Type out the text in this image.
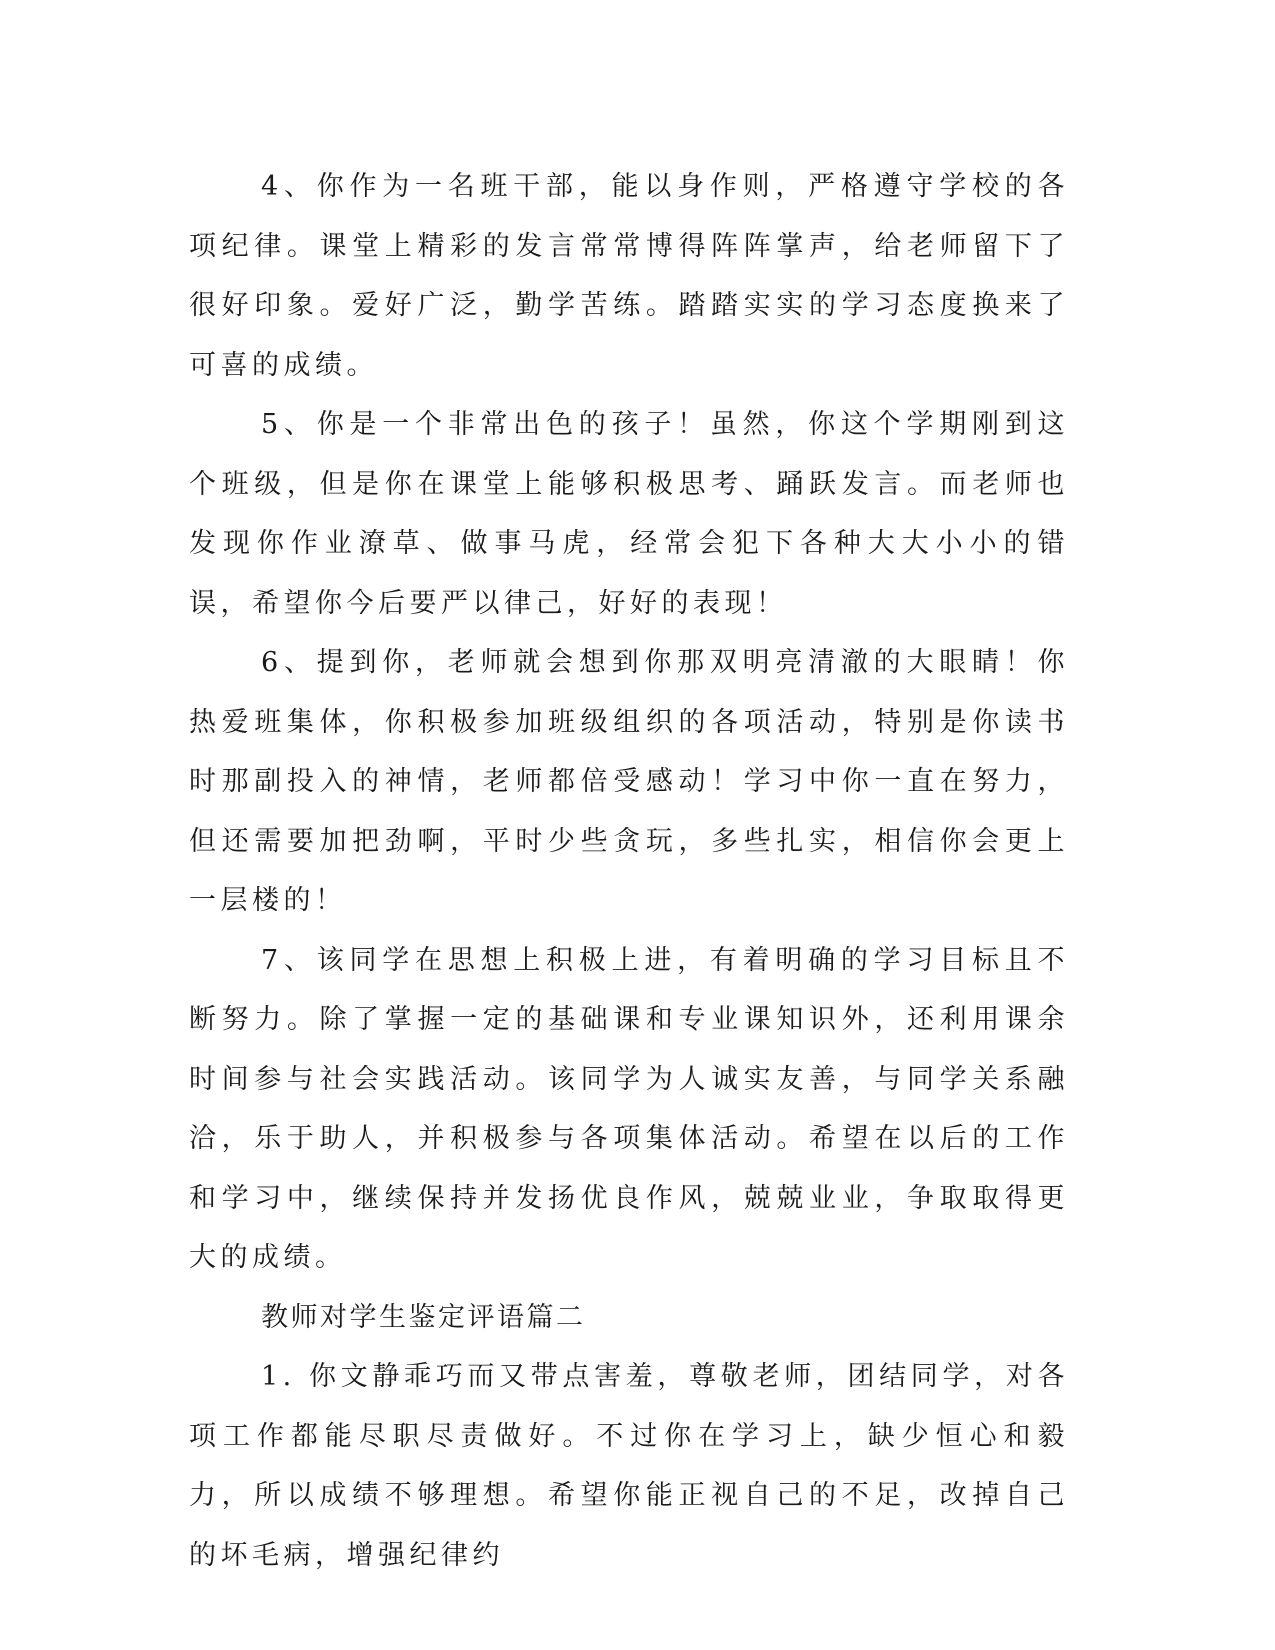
4、你作为一名班干部，能以身作则，严格遵守学校的各项纪律。课堂上精彩的发言常常博得阵阵掌声，给老师留下了很好印象。爱好广泛，勤学苦练。踏踏实实的学习态度换来了可喜的成绩。

5、你是一个非常出色的孩子！虽然，你这个学期刚到这个班级，但是你在课堂上能够积极思考、踊跃发言。而老师也发现你作业潦草、做事马虎，经常会犯下各种大大小小的错误，希望你今后要严以律己，好好的表现！

6、提到你，老师就会想到你那双明亮清澈的大眼睛！你热爱班集体，你积极参加班级组织的各项活动，特别是你读书时那副投入的神情，老师都倍受感动！学习中你一直在努力，但还需要加把劲啊，平时少些贪玩，多些扎实，相信你会更上一层楼的！

7、该同学在思想上积极上进，有着明确的学习目标且不断努力。除了掌握一定的基础课和专业课知识外，还利用课余时间参与社会实践活动。该同学为人诚实友善，与同学关系融洽，乐于助人，并积极参与各项集体活动。希望在以后的工作和学习中，继续保持并发扬优良作风，兢兢业业，争取取得更大的成绩。

教师对学生鉴定评语篇二

1. 你文静乖巧而又带点害羞，尊敬老师，团结同学，对各项工作都能尽职尽责做好。不过你在学习上，缺少恒心和毅力，所以成绩不够理想。希望你能正视自己的不足，改掉自己的坏毛病，增强纪律约
